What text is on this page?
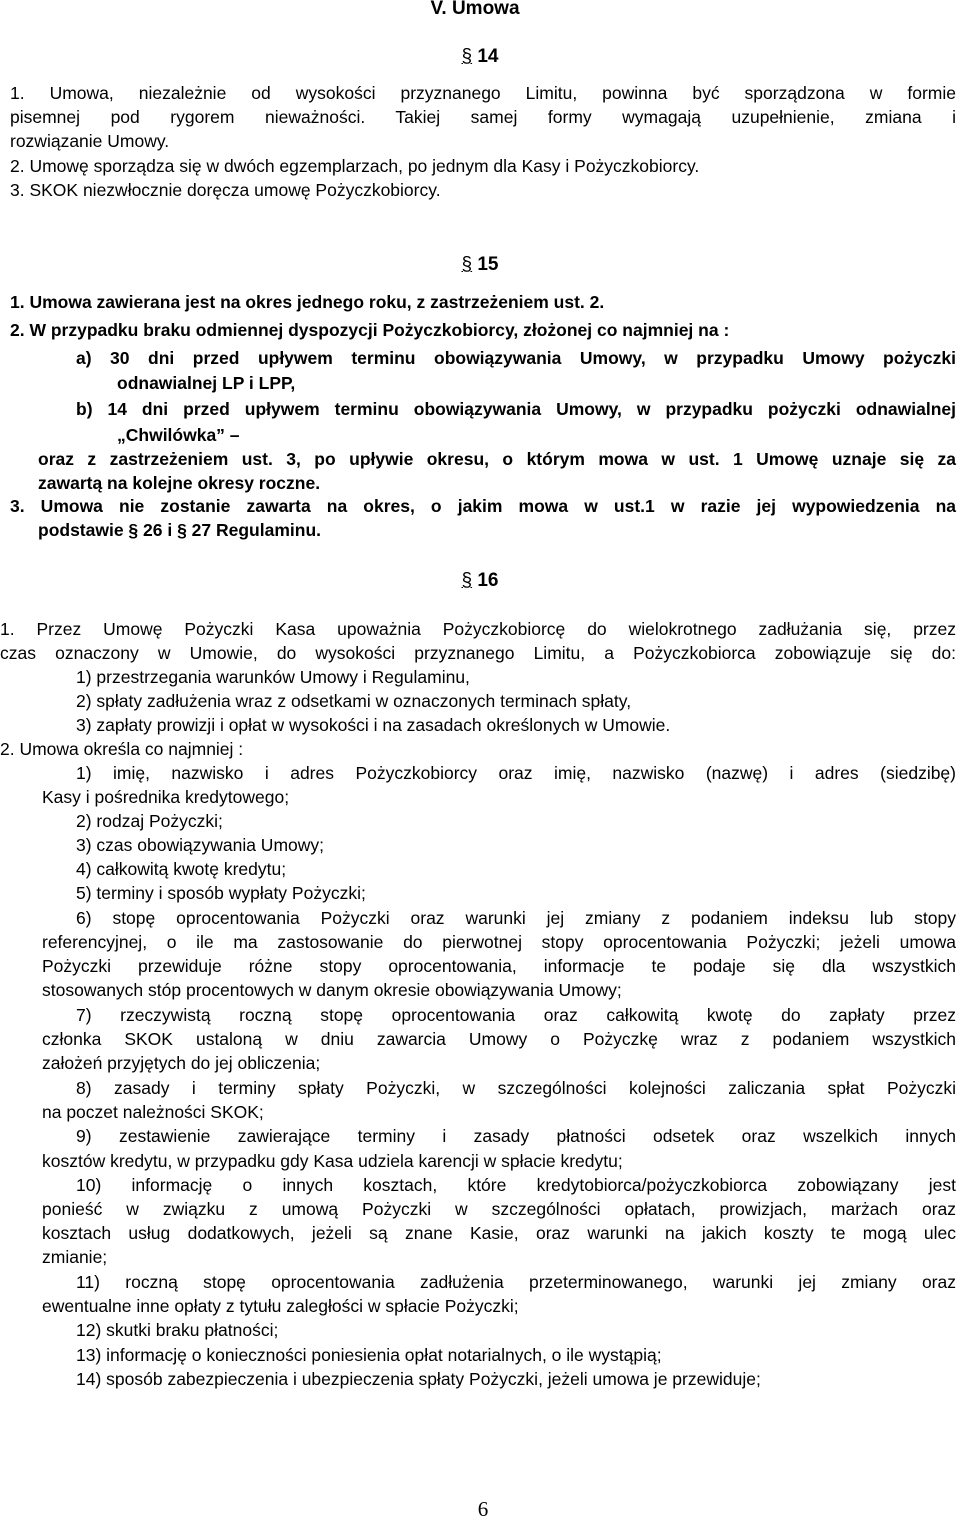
V. Umowa
§ 14
1. Umowa, niezależnie od wysokości przyznanego Limitu, powinna być sporządzona w formie
pisemnej pod rygorem nieważności. Takiej samej formy wymagają uzupełnienie, zmiana i
rozwiązanie Umowy.
2. Umowę sporządza się w dwóch egzemplarzach, po jednym dla Kasy i Pożyczkobiorcy.
3. SKOK niezwłocznie doręcza umowę Pożyczkobiorcy.
§ 15
1. Umowa zawierana jest na okres jednego roku, z zastrzeżeniem ust. 2.
2. W przypadku braku odmiennej dyspozycji Pożyczkobiorcy, złożonej co najmniej na :
a) 30 dni przed upływem terminu obowiązywania Umowy, w przypadku Umowy pożyczki
odnawialnej LP i LPP,
b) 14 dni przed upływem terminu obowiązywania Umowy, w przypadku pożyczki odnawialnej
„Chwilówka” –
oraz z zastrzeżeniem ust. 3, po upływie okresu, o którym mowa w ust. 1 Umowę uznaje się za
zawartą na kolejne okresy roczne.
3. Umowa nie zostanie zawarta na okres, o jakim mowa w ust.1 w razie jej wypowiedzenia na
podstawie § 26 i § 27 Regulaminu.
§ 16
1. Przez Umowę Pożyczki Kasa upoważnia Pożyczkobiorcę do wielokrotnego zadłużania się, przez
czas oznaczony w Umowie, do wysokości przyznanego Limitu, a Pożyczkobiorca zobowiązuje się do:
1) przestrzegania warunków Umowy i Regulaminu,
2) spłaty zadłużenia wraz z odsetkami w oznaczonych terminach spłaty,
3) zapłaty prowizji i opłat w wysokości i na zasadach określonych w Umowie.
2. Umowa określa co najmniej :
1) imię, nazwisko i adres Pożyczkobiorcy oraz imię, nazwisko (nazwę) i adres (siedzibę)
Kasy i pośrednika kredytowego;
2) rodzaj Pożyczki;
3) czas obowiązywania Umowy;
4) całkowitą kwotę kredytu;
5) terminy i sposób wypłaty Pożyczki;
6) stopę oprocentowania Pożyczki oraz warunki jej zmiany z podaniem indeksu lub stopy
referencyjnej, o ile ma zastosowanie do pierwotnej stopy oprocentowania Pożyczki; jeżeli umowa
Pożyczki przewiduje różne stopy oprocentowania, informacje te podaje się dla wszystkich
stosowanych stóp procentowych w danym okresie obowiązywania Umowy;
7) rzeczywistą roczną stopę oprocentowania oraz całkowitą kwotę do zapłaty przez
członka SKOK ustaloną w dniu zawarcia Umowy o Pożyczkę wraz z podaniem wszystkich
założeń przyjętych do jej obliczenia;
8) zasady i terminy spłaty Pożyczki, w szczególności kolejności zaliczania spłat Pożyczki
na poczet należności SKOK;
9) zestawienie zawierające terminy i zasady płatności odsetek oraz wszelkich innych
kosztów kredytu, w przypadku gdy Kasa udziela karencji w spłacie kredytu;
10) informację o innych kosztach, które kredytobiorca/pożyczkobiorca zobowiązany jest
ponieść w związku z umową Pożyczki w szczególności opłatach, prowizjach, marżach oraz
kosztach usług dodatkowych, jeżeli są znane Kasie, oraz warunki na jakich koszty te mogą ulec
zmianie;
11) roczną stopę oprocentowania zadłużenia przeterminowanego, warunki jej zmiany oraz
ewentualne inne opłaty z tytułu zaległości w spłacie Pożyczki;
12) skutki braku płatności;
13) informację o konieczności poniesienia opłat notarialnych, o ile wystąpią;
14) sposób zabezpieczenia i ubezpieczenia spłaty Pożyczki, jeżeli umowa je przewiduje;
6
